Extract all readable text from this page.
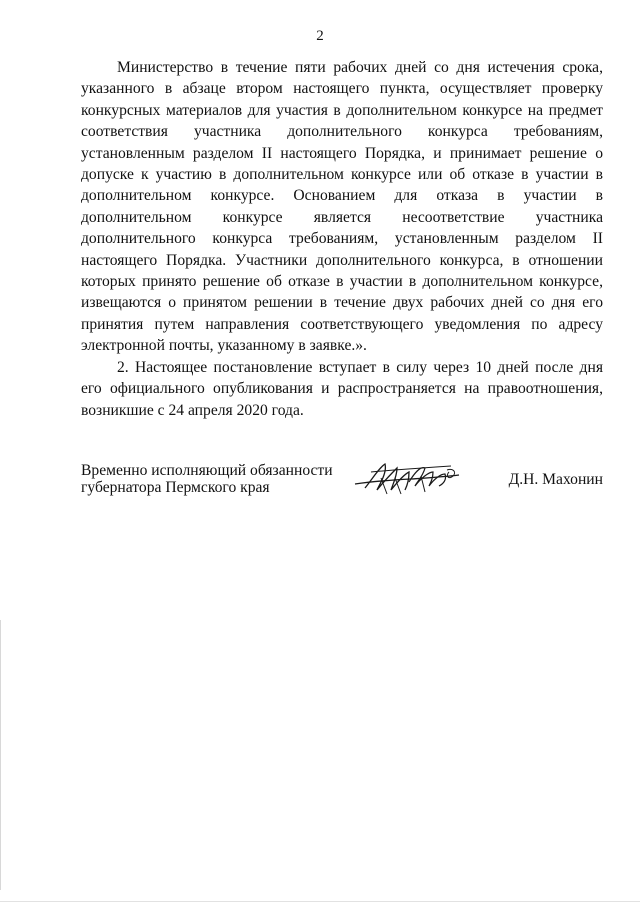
2

Министерство в течение пяти рабочих дней со дня истечения срока, указанного в абзаце втором настоящего пункта, осуществляет проверку конкурсных материалов для участия в дополнительном конкурсе на предмет соответствия участника дополнительного конкурса требованиям, установленным разделом II настоящего Порядка, и принимает решение о допуске к участию в дополнительном конкурсе или об отказе в участии в дополнительном конкурсе. Основанием для отказа в участии в дополнительном конкурсе является несоответствие участника дополнительного конкурса требованиям, установленным разделом II настоящего Порядка. Участники дополнительного конкурса, в отношении которых принято решение об отказе в участии в дополнительном конкурсе, извещаются о принятом решении в течение двух рабочих дней со дня его принятия путем направления соответствующего уведомления по адресу электронной почты, указанному в заявке.».

2. Настоящее постановление вступает в силу через 10 дней после дня его официального опубликования и распространяется на правоотношения, возникшие с 24 апреля 2020 года.

Временно исполняющий обязанности
губернатора Пермского края	Д.Н. Махонин
